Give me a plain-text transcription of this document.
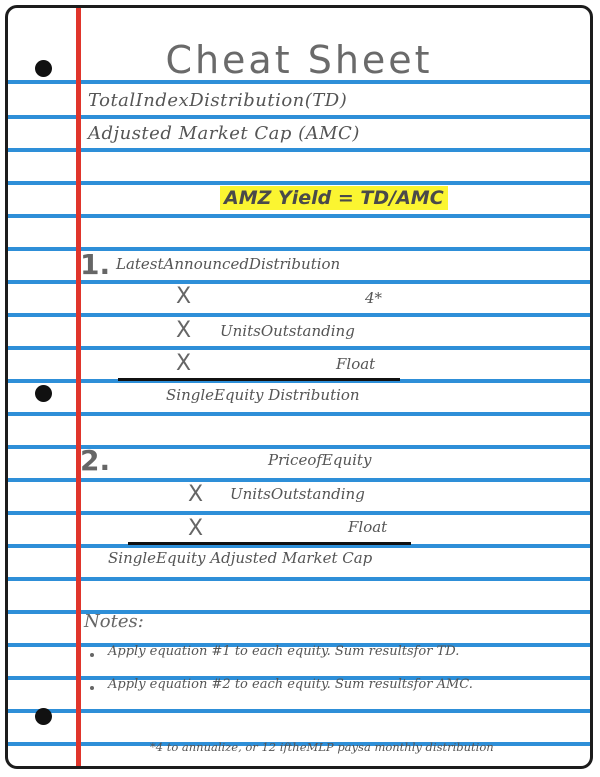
Cheat Sheet
TotalIndexDistribution(TD)
Adjusted Market Cap (AMC)
AMZ Yield = TD/AMC
1. LatestAnnouncedDistribution
X	4*
X UnitsOutstanding
X	Float
SingleEquity Distribution
2.	PriceofEquity
X UnitsOutstanding
X	Float
SingleEquity Adjusted Market Cap
Notes:
Apply equation #1 to each equity. Sum resultsfor TD.
Apply equation #2 to each equity. Sum resultsfor AMC.
*4 to annualize, or 12 iftheMLP paysa monthly distribution
